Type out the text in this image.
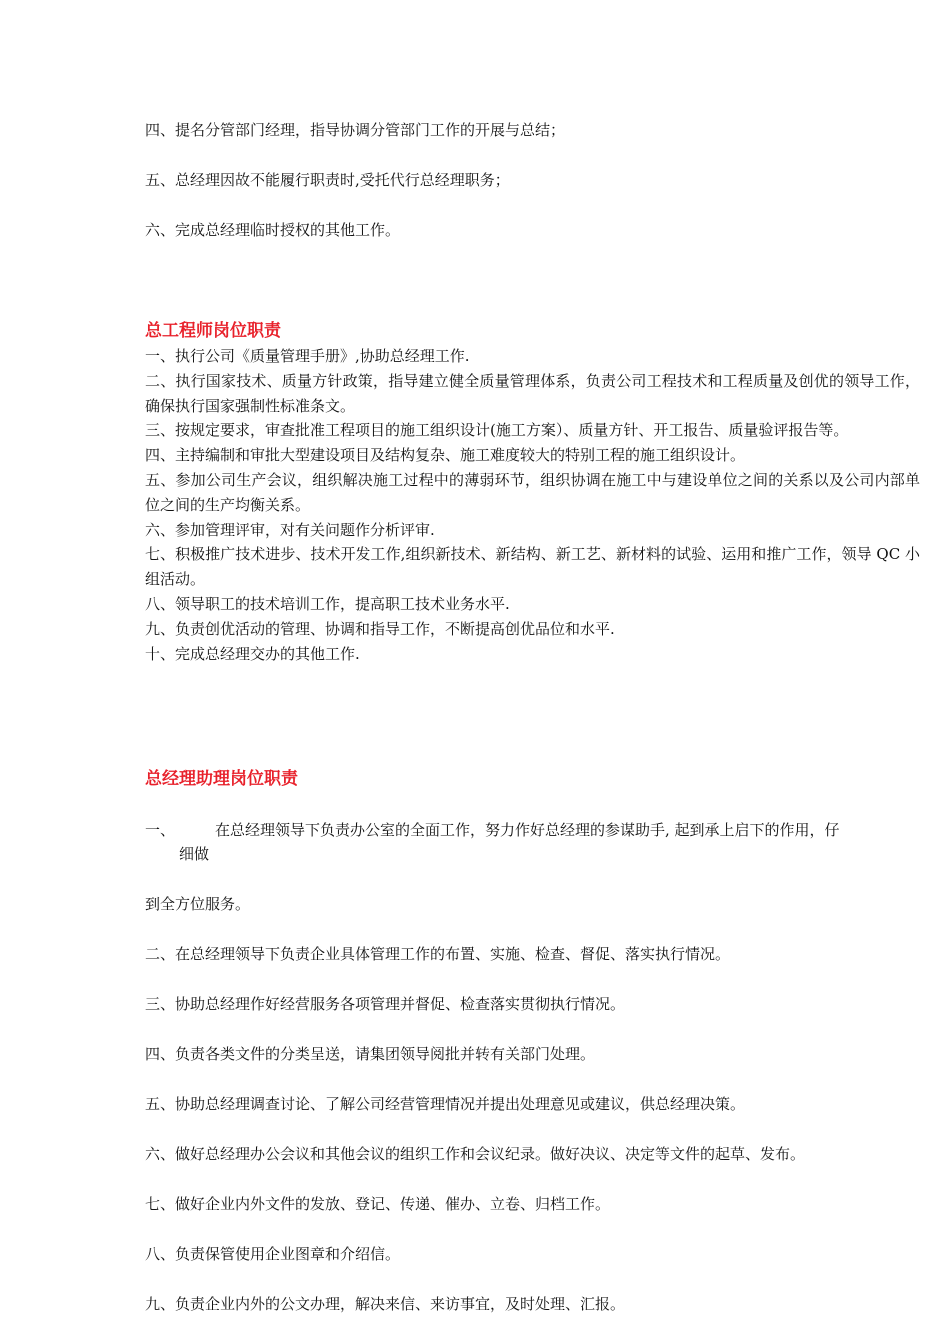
四、提名分管部门经理，指导协调分管部门工作的开展与总结；

五、总经理因故不能履行职责时,受托代行总经理职务；

六、完成总经理临时授权的其他工作。

总工程师岗位职责

一、执行公司《质量管理手册》,协助总经理工作.

二、执行国家技术、质量方针政策，指导建立健全质量管理体系，负责公司工程技术和工程质量及创优的领导工作，确保执行国家强制性标准条文。

三、按规定要求，审查批准工程项目的施工组织设计(施工方案）、质量方针、开工报告、质量验评报告等。

四、主持编制和审批大型建设项目及结构复杂、施工难度较大的特别工程的施工组织设计。

五、参加公司生产会议，组织解决施工过程中的薄弱环节，组织协调在施工中与建设单位之间的关系以及公司内部单位之间的生产均衡关系。

六、参加管理评审，对有关问题作分析评审.

七、积极推广技术进步、技术开发工作,组织新技术、新结构、新工艺、新材料的试验、运用和推广工作，领导 QC 小组活动。

八、领导职工的技术培训工作，提高职工技术业务水平.

九、负责创优活动的管理、协调和指导工作，不断提高创优品位和水平.

十、完成总经理交办的其他工作.

总经理助理岗位职责
一、	在总经理领导下负责办公室的全面工作，努力作好总经理的参谋助手, 起到承上启下的作用，仔

细做

到全方位服务。

二、在总经理领导下负责企业具体管理工作的布置、实施、检查、督促、落实执行情况。

三、协助总经理作好经营服务各项管理并督促、检查落实贯彻执行情况。

四、负责各类文件的分类呈送，请集团领导阅批并转有关部门处理。

五、协助总经理调查讨论、了解公司经营管理情况并提出处理意见或建议，供总经理决策。

六、做好总经理办公会议和其他会议的组织工作和会议纪录。做好决议、决定等文件的起草、发布。

七、做好企业内外文件的发放、登记、传递、催办、立卷、归档工作。

八、负责保管使用企业图章和介绍信。

九、负责企业内外的公文办理，解决来信、来访事宜，及时处理、汇报。
